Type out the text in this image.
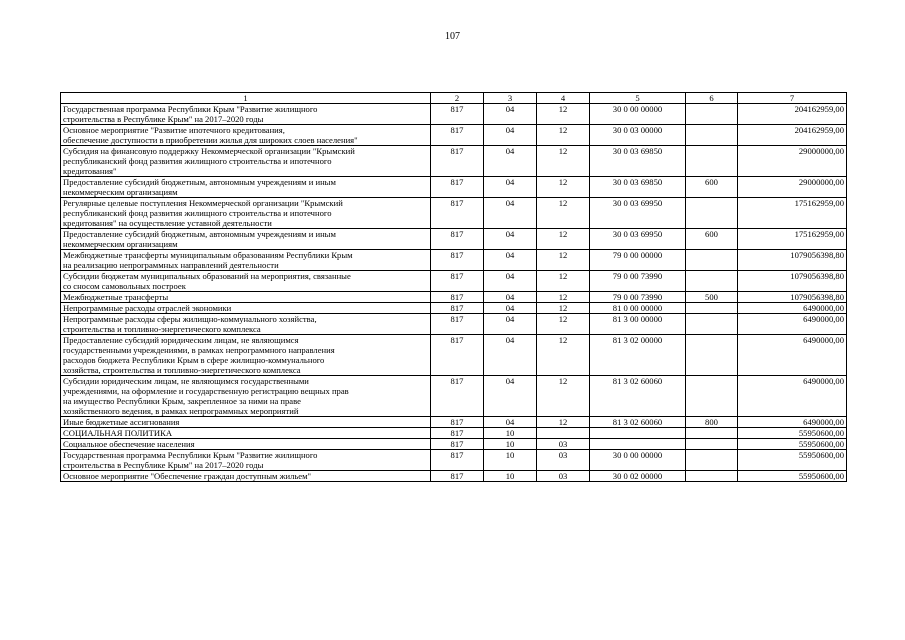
107
1	2	3	4	5	6	7
Государственная программа Республики Крым "Развитие жилищного
строительства в Республике Крым" на 2017–2020 годы	817	04	12	30 0 00 00000		204162959,00
Основное мероприятие "Развитие ипотечного кредитования,
обеспечение доступности в приобретении жилья для широких слоев населения"	817	04	12	30 0 03 00000		204162959,00
Субсидия на финансовую поддержку Некоммерческой организации "Крымский
республиканский фонд развития жилищного строительства и ипотечного
кредитования"	817	04	12	30 0 03 69850		29000000,00
Предоставление субсидий бюджетным, автономным учреждениям и иным
некоммерческим организациям	817	04	12	30 0 03 69850	600	29000000,00
Регулярные целевые поступления Некоммерческой организации "Крымский
республиканский фонд развития жилищного строительства и ипотечного
кредитования" на осуществление уставной деятельности	817	04	12	30 0 03 69950		175162959,00
Предоставление субсидий бюджетным, автономным учреждениям и иным
некоммерческим организациям	817	04	12	30 0 03 69950	600	175162959,00
Межбюджетные трансферты муниципальным образованиям Республики Крым
на реализацию непрограммных направлений деятельности	817	04	12	79 0 00 00000		1079056398,80
Субсидии бюджетам муниципальных образований на мероприятия, связанные
со сносом самовольных построек	817	04	12	79 0 00 73990		1079056398,80
Межбюджетные трансферты	817	04	12	79 0 00 73990	500	1079056398,80
Непрограммные расходы отраслей экономики	817	04	12	81 0 00 00000		6490000,00
Непрограммные расходы сферы жилищно-коммунального хозяйства,
строительства и топливно-энергетического комплекса	817	04	12	81 3 00 00000		6490000,00
Предоставление субсидий юридическим лицам, не являющимся
государственными учреждениями, в рамках непрограммного направления
расходов бюджета Республики Крым в сфере жилищно-коммунального
хозяйства, строительства и топливно-энергетического комплекса	817	04	12	81 3 02 00000		6490000,00
Субсидии юридическим лицам, не являющимся государственными
учреждениями, на оформление и государственную регистрацию вещных прав
на имущество Республики Крым, закрепленное за ними на праве
хозяйственного ведения, в рамках непрограммных мероприятий	817	04	12	81 3 02 60060		6490000,00
Иные бюджетные ассигнования	817	04	12	81 3 02 60060	800	6490000,00
СОЦИАЛЬНАЯ ПОЛИТИКА	817	10				55950600,00
Социальное обеспечение населения	817	10	03			55950600,00
Государственная программа Республики Крым "Развитие жилищного
строительства в Республике Крым" на 2017–2020 годы	817	10	03	30 0 00 00000		55950600,00
Основное мероприятие "Обеспечение граждан доступным жильем"	817	10	03	30 0 02 00000		55950600,00
